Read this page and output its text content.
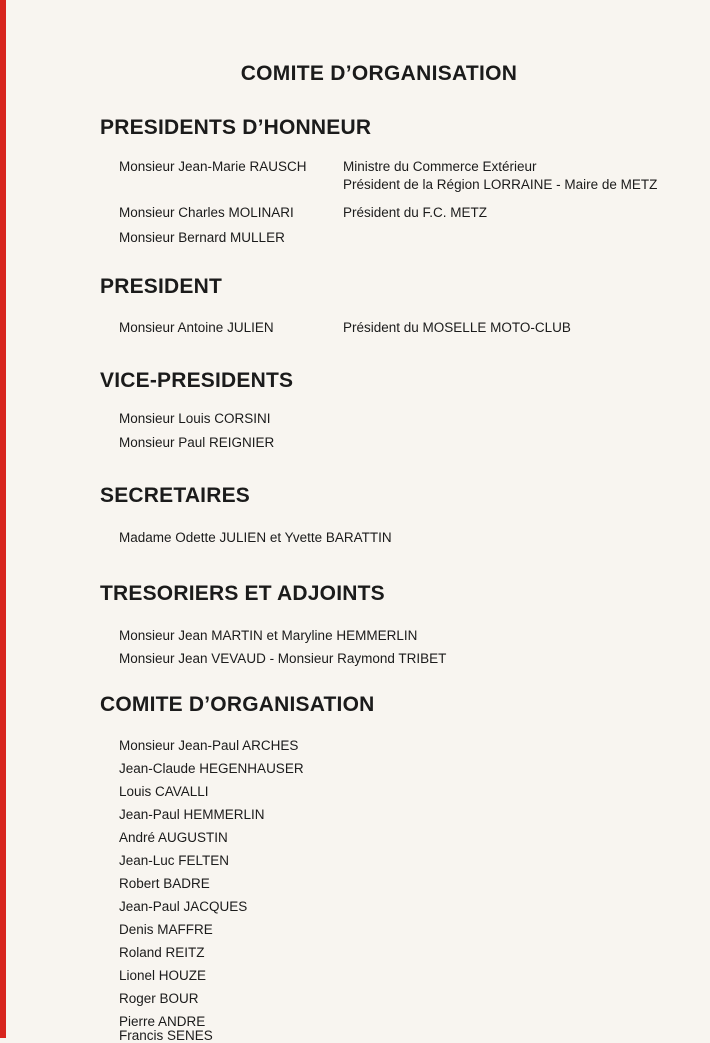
COMITE D’ORGANISATION
PRESIDENTS D’HONNEUR
Monsieur Jean-Marie RAUSCH	Ministre du Commerce Extérieur
Président de la Région LORRAINE - Maire de METZ
Monsieur Charles MOLINARI	Président du F.C. METZ
Monsieur Bernard MULLER
PRESIDENT
Monsieur Antoine JULIEN	Président du MOSELLE MOTO-CLUB
VICE-PRESIDENTS
Monsieur Louis CORSINI
Monsieur Paul REIGNIER
SECRETAIRES
Madame Odette JULIEN et Yvette BARATTIN
TRESORIERS ET ADJOINTS
Monsieur Jean MARTIN et Maryline HEMMERLIN
Monsieur Jean VEVAUD - Monsieur Raymond TRIBET
COMITE D’ORGANISATION
Monsieur Jean-Paul ARCHES
Jean-Claude HEGENHAUSER
Louis CAVALLI
Jean-Paul HEMMERLIN
André AUGUSTIN
Jean-Luc FELTEN
Robert BADRE
Jean-Paul JACQUES
Denis MAFFRE
Roland REITZ
Lionel HOUZE
Roger BOUR
Pierre ANDRE
Francis SENES
